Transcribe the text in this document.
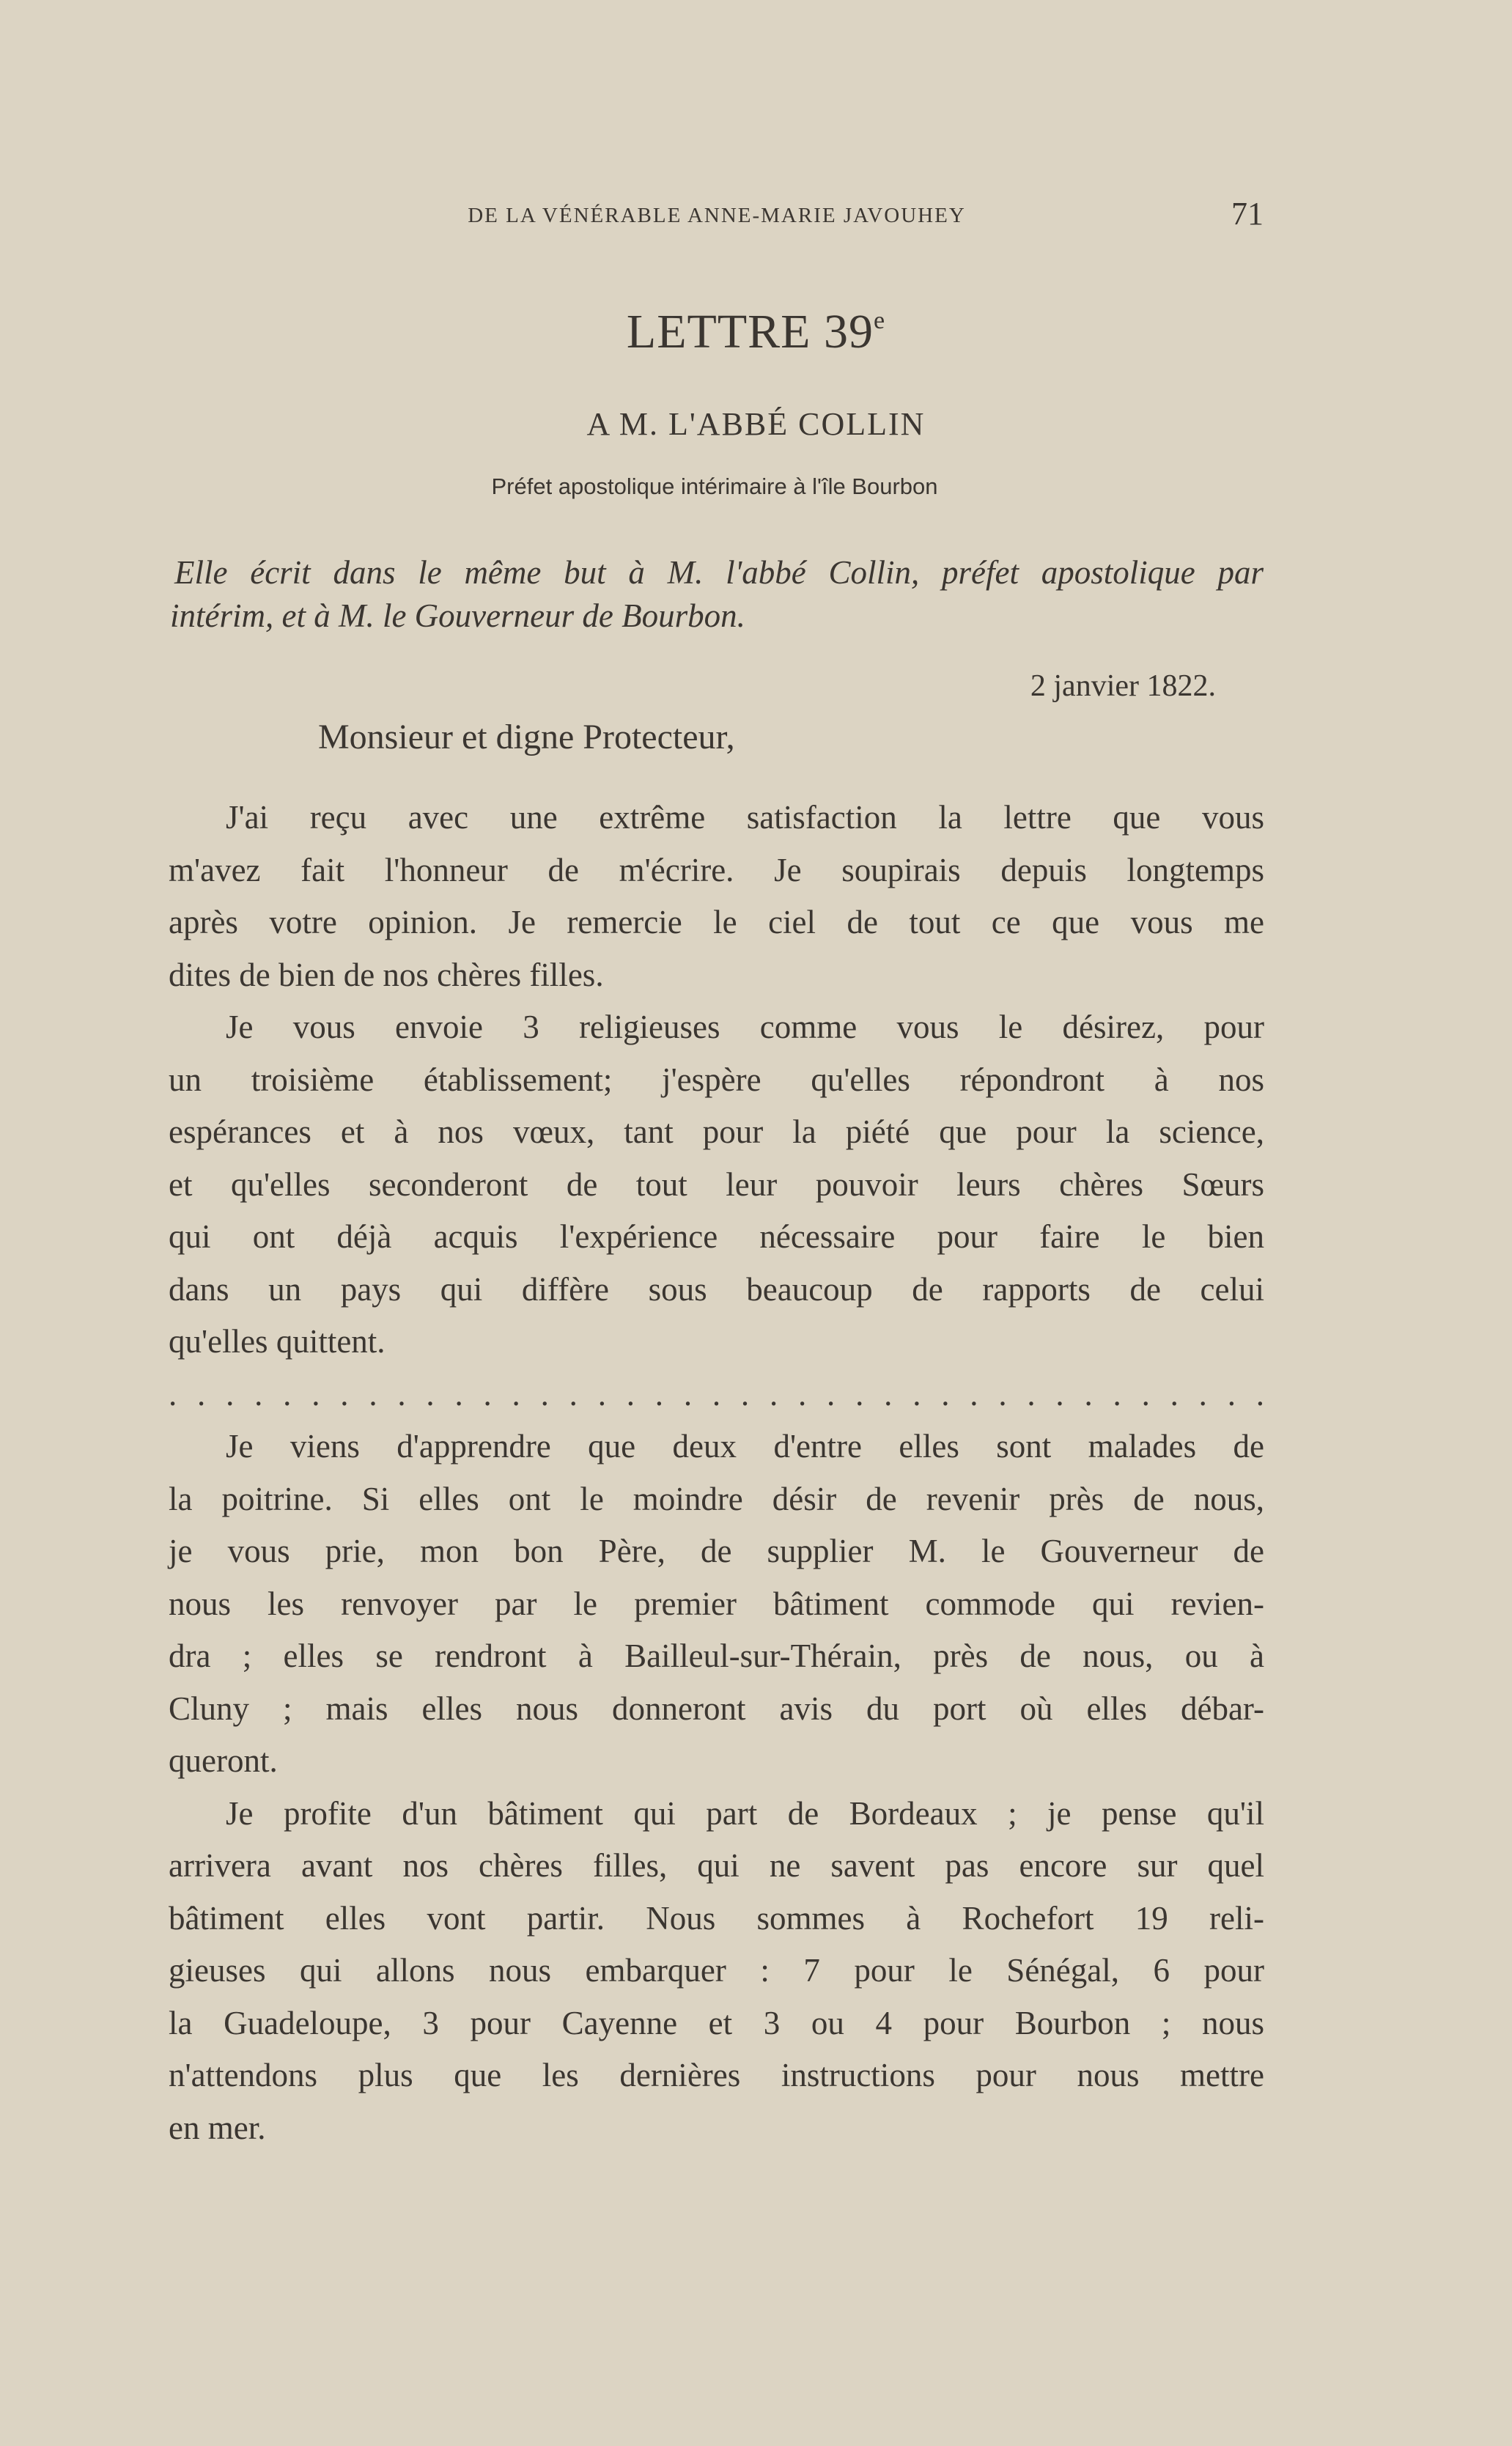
DE LA VÉNÉRABLE ANNE-MARIE JAVOUHEY	71
LETTRE 39e
A M. L'ABBÉ COLLIN
Préfet apostolique intérimaire à l'île Bourbon
Elle écrit dans le même but à M. l'abbé Collin, préfet apostolique par
intérim, et à M. le Gouverneur de Bourbon.
2 janvier 1822.
Monsieur et digne Protecteur,
J'ai reçu avec une extrême satisfaction la lettre que vous
m'avez fait l'honneur de m'écrire. Je soupirais depuis longtemps
après votre opinion. Je remercie le ciel de tout ce que vous me
dites de bien de nos chères filles.
Je vous envoie 3 religieuses comme vous le désirez, pour
un troisième établissement; j'espère qu'elles répondront à nos
espérances et à nos vœux, tant pour la piété que pour la science,
et qu'elles seconderont de tout leur pouvoir leurs chères Sœurs
qui ont déjà acquis l'expérience nécessaire pour faire le bien
dans un pays qui diffère sous beaucoup de rapports de celui
qu'elles quittent.
. . . . . . . . . . . . . . . . . . . . . . . . . . . . . . . . . . . . . . .
Je viens d'apprendre que deux d'entre elles sont malades de
la poitrine. Si elles ont le moindre désir de revenir près de nous,
je vous prie, mon bon Père, de supplier M. le Gouverneur de
nous les renvoyer par le premier bâtiment commode qui revien-
dra ; elles se rendront à Bailleul-sur-Thérain, près de nous, ou à
Cluny ; mais elles nous donneront avis du port où elles débar-
queront.
Je profite d'un bâtiment qui part de Bordeaux ; je pense qu'il
arrivera avant nos chères filles, qui ne savent pas encore sur quel
bâtiment elles vont partir. Nous sommes à Rochefort 19 reli-
gieuses qui allons nous embarquer : 7 pour le Sénégal, 6 pour
la Guadeloupe, 3 pour Cayenne et 3 ou 4 pour Bourbon ; nous
n'attendons plus que les dernières instructions pour nous mettre
en mer.
